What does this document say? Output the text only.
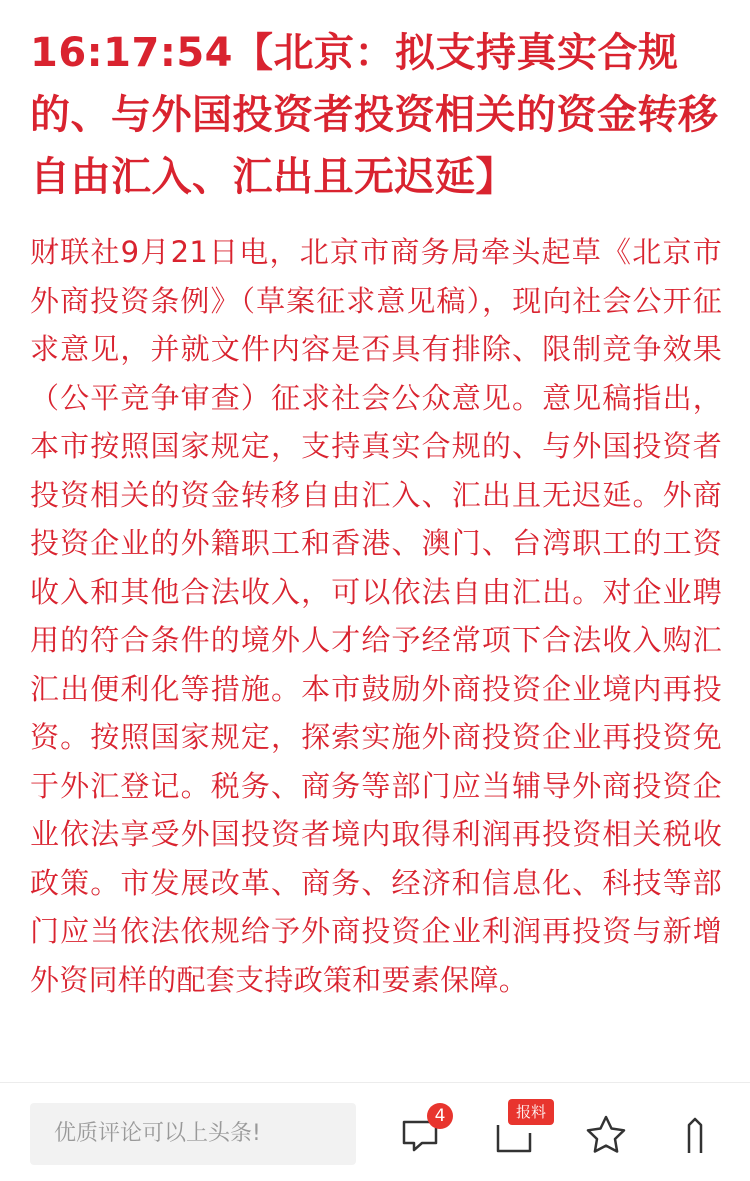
16:17:54【北京：拟支持真实合规的、与外国投资者投资相关的资金转移自由汇入、汇出且无迟延】

财联社9月21日电，北京市商务局牵头起草《北京市外商投资条例》（草案征求意见稿），现向社会公开征求意见，并就文件内容是否具有排除、限制竞争效果（公平竞争审查）征求社会公众意见。意见稿指出，本市按照国家规定，支持真实合规的、与外国投资者投资相关的资金转移自由汇入、汇出且无迟延。外商投资企业的外籍职工和香港、澳门、台湾职工的工资收入和其他合法收入，可以依法自由汇出。对企业聘用的符合条件的境外人才给予经常项下合法收入购汇汇出便利化等措施。本市鼓励外商投资企业境内再投资。按照国家规定，探索实施外商投资企业再投资免于外汇登记。税务、商务等部门应当辅导外商投资企业依法享受外国投资者境内取得利润再投资相关税收政策。市发展改革、商务、经济和信息化、科技等部门应当依法依规给予外商投资企业利润再投资与新增外资同样的配套支持政策和要素保障。

优质评论可以上头条!
4	报料
